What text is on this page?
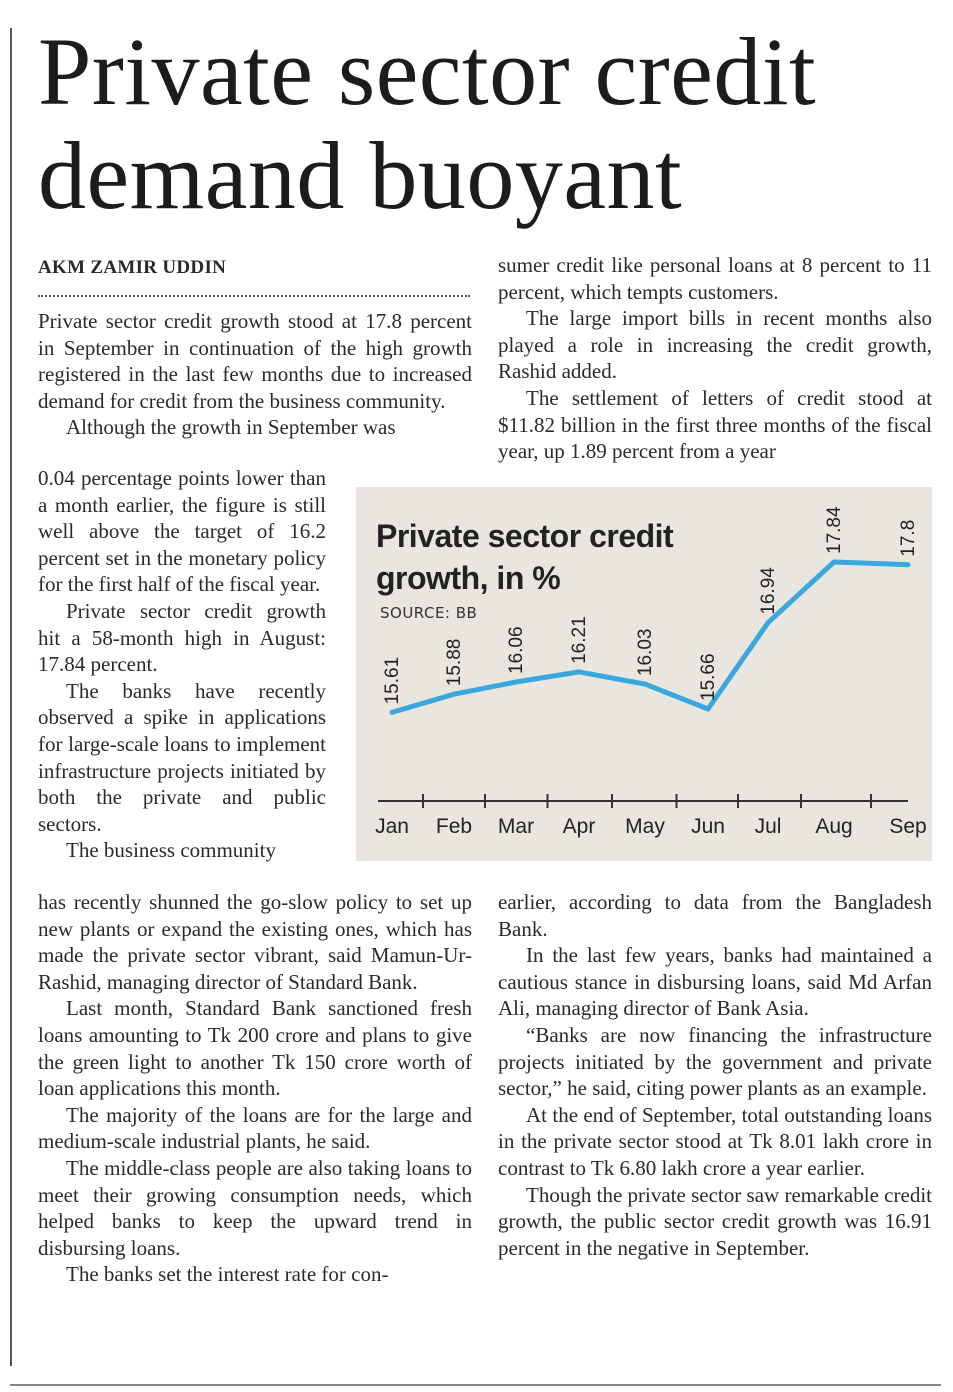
Private sector credit
demand buoyant
AKM ZAMIR UDDIN

Private sector credit growth stood at 17.8 percent in September in continuation of the high growth registered in the last few months due to increased demand for credit from the business community.

Although the growth in September was

0.04 percentage points lower than a month earlier, the figure is still well above the target of 16.2 percent set in the monetary policy for the first half of the fiscal year.

Private sector credit growth hit a 58-month high in August: 17.84 percent.

The banks have recently observed a spike in applications for large-scale loans to implement infrastructure projects initiated by both the private and public sectors.

The business community

has recently shunned the go-slow policy to set up new plants or expand the existing ones, which has made the private sector vibrant, said Mamun-Ur-Rashid, managing director of Standard Bank.

Last month, Standard Bank sanctioned fresh loans amounting to Tk 200 crore and plans to give the green light to another Tk 150 crore worth of loan applications this month.

The majority of the loans are for the large and medium-scale industrial plants, he said.

The middle-class people are also taking loans to meet their growing consumption needs, which helped banks to keep the upward trend in disbursing loans.

The banks set the interest rate for con-

sumer credit like personal loans at 8 percent to 11 percent, which tempts customers.

The large import bills in recent months also played a role in increasing the credit growth, Rashid added.

The settlement of letters of credit stood at $11.82 billion in the first three months of the fiscal year, up 1.89 percent from a year

15.61
Jan
15.88
Feb
16.06
Mar
16.21
Apr
16.03
May
15.66
Jun
16.94
Jul
17.84
Aug
17.8
Sep
Private sector credit
growth, in %
SOURCE: BB

earlier, according to data from the Bangladesh Bank.

In the last few years, banks had maintained a cautious stance in disbursing loans, said Md Arfan Ali, managing director of Bank Asia.

“Banks are now financing the infrastructure projects initiated by the government and private sector,” he said, citing power plants as an example.

At the end of September, total outstanding loans in the private sector stood at Tk 8.01 lakh crore in contrast to Tk 6.80 lakh crore a year earlier.

Though the private sector saw remarkable credit growth, the public sector credit growth was 16.91 percent in the negative in September.
